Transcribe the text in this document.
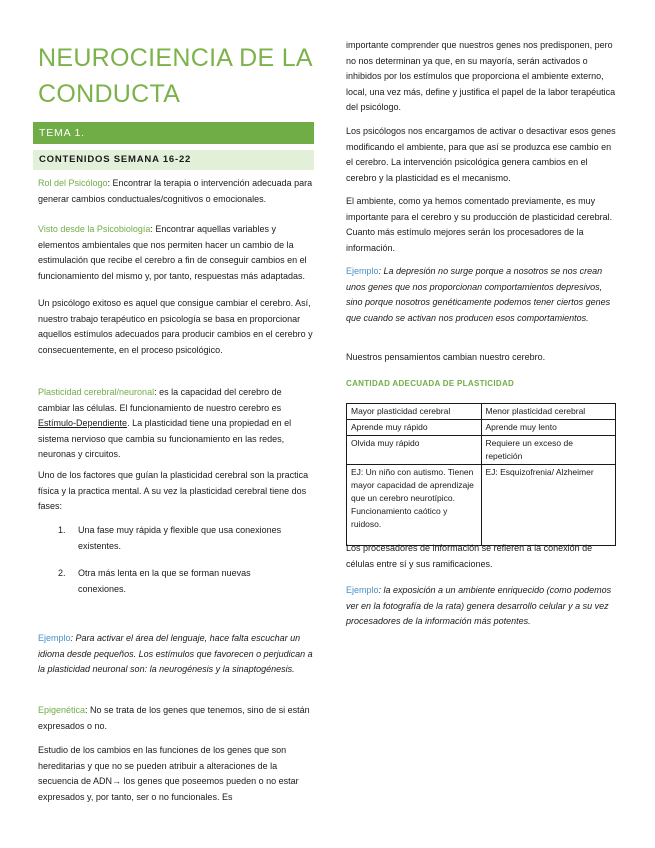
NEUROCIENCIA DE LA CONDUCTA
TEMA 1.
CONTENIDOS SEMANA 16-22
Rol del Psicólogo: Encontrar la terapia o intervención adecuada para generar cambios conductuales/cognitivos o emocionales.
Visto desde la Psicobiología: Encontrar aquellas variables y elementos ambientales que nos permiten hacer un cambio de la estimulación que recibe el cerebro a fin de conseguir cambios en el funcionamiento del mismo y, por tanto, respuestas más adaptadas.
Un psicólogo exitoso es aquel que consigue cambiar el cerebro. Así, nuestro trabajo terapéutico en psicología se basa en proporcionar aquellos estímulos adecuados para producir cambios en el cerebro y consecuentemente, en el proceso psicológico.
Plasticidad cerebral/neuronal: es la capacidad del cerebro de cambiar las células. El funcionamiento de nuestro cerebro es Estímulo-Dependiente. La plasticidad tiene una propiedad en el sistema nervioso que cambia su funcionamiento en las redes, neuronas y circuitos.
Uno de los factores que guían la plasticidad cerebral son la practica física y la practica mental. A su vez la plasticidad cerebral tiene dos fases:
1. Una fase muy rápida y flexible que usa conexiones existentes.
2. Otra más lenta en la que se forman nuevas conexiones.
Ejemplo: Para activar el área del lenguaje, hace falta escuchar un idioma desde pequeños. Los estímulos que favorecen o perjudican a la plasticidad neuronal son: la neurogénesis y la sinaptogénesis.
Epigenética: No se trata de los genes que tenemos, sino de si están expresados o no.
Estudio de los cambios en las funciones de los genes que son hereditarias y que no se pueden atribuir a alteraciones de la secuencia de ADN→ los genes que poseemos pueden o no estar expresados y, por tanto, ser o no funcionales. Es
importante comprender que nuestros genes nos predisponen, pero no nos determinan ya que, en su mayoría, serán activados o inhibidos por los estímulos que proporciona el ambiente externo, local, una vez más, define y justifica el papel de la labor terapéutica del psicólogo.
Los psicólogos nos encargamos de activar o desactivar esos genes modificando el ambiente, para que así se produzca ese cambio en el cerebro. La intervención psicológica genera cambios en el cerebro y la plasticidad es el mecanismo.
El ambiente, como ya hemos comentado previamente, es muy importante para el cerebro y su producción de plasticidad cerebral. Cuanto más estímulo mejores serán los procesadores de la información.
Ejemplo: La depresión no surge porque a nosotros se nos crean unos genes que nos proporcionan comportamientos depresivos, sino porque nosotros genéticamente podemos tener ciertos genes que cuando se activan nos producen esos comportamientos.
Nuestros pensamientos cambian nuestro cerebro.
CANTIDAD ADECUADA DE PLASTICIDAD
Mayor plasticidad cerebral	Menor plasticidad cerebral
Aprende muy rápido	Aprende muy lento
Olvida muy rápido	Requiere un exceso de repetición
EJ: Un niño con autismo. Tienen mayor capacidad de aprendizaje que un cerebro neurotípico. Funcionamiento caótico y ruidoso.	EJ: Esquizofrenia/ Alzheimer
Los procesadores de información se refieren a la conexión de células entre sí y sus ramificaciones.
Ejemplo: la exposición a un ambiente enriquecido (como podemos ver en la fotografía de la rata) genera desarrollo celular y a su vez procesadores de la información más potentes.
